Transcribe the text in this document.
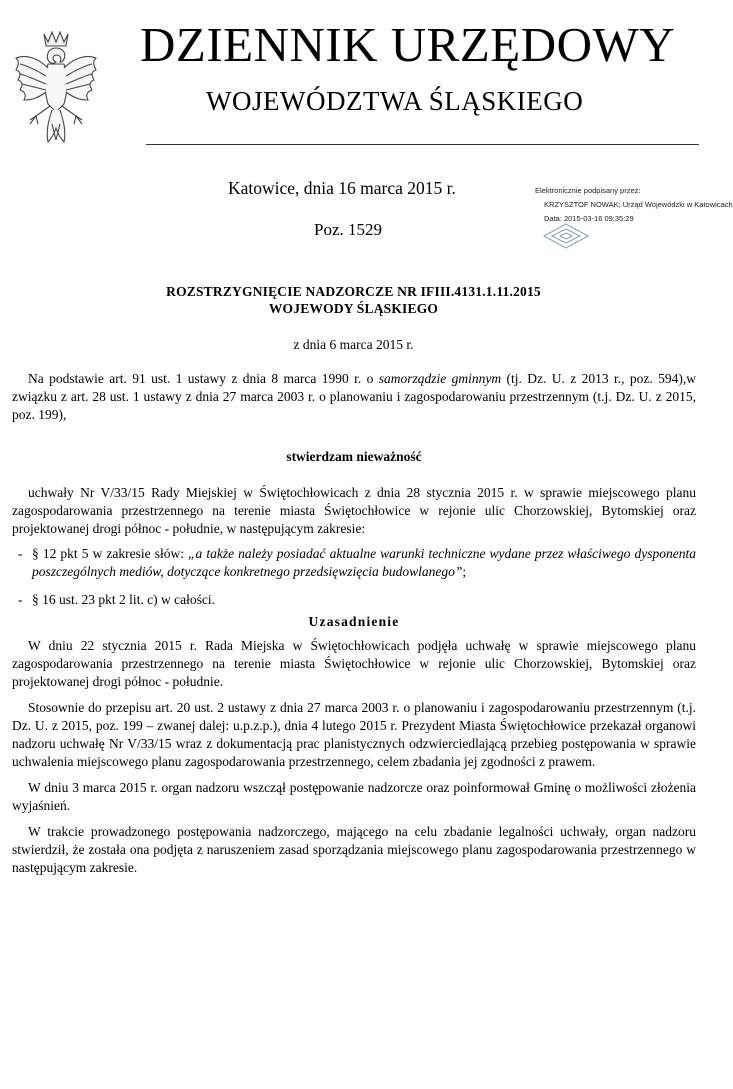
DZIENNIK URZĘDOWY
WOJEWÓDZTWA ŚLĄSKIEGO
Katowice, dnia 16 marca 2015 r.
Poz. 1529
Elektronicznie podpisany przez:
KRZYSZTOF NOWAK; Urząd Wojewódzki w Katowicach
Data: 2015-03-16 09:35:29
ROZSTRZYGNIĘCIE NADZORCZE NR IFIII.4131.1.11.2015
WOJEWODY ŚLĄSKIEGO
z dnia 6 marca 2015 r.

Na podstawie art. 91 ust. 1 ustawy z dnia 8 marca 1990 r. o samorządzie gminnym (tj. Dz. U. z 2013 r., poz. 594),w związku z art. 28 ust. 1 ustawy z dnia 27 marca 2003 r. o planowaniu i zagospodarowaniu przestrzennym (t.j. Dz. U. z 2015, poz. 199),

stwierdzam nieważność

uchwały Nr V/33/15 Rady Miejskiej w Świętochłowicach z dnia 28 stycznia 2015 r. w sprawie miejscowego planu zagospodarowania przestrzennego na terenie miasta Świętochłowice w rejonie ulic Chorzowskiej, Bytomskiej oraz projektowanej drogi północ - południe, w następującym zakresie:

- § 12 pkt 5 w zakresie słów: „a także należy posiadać aktualne warunki techniczne wydane przez właściwego dysponenta poszczególnych mediów, dotyczące konkretnego przedsięwzięcia budowlanego”;
- § 16 ust. 23 pkt 2 lit. c) w całości.

Uzasadnienie

W dniu 22 stycznia 2015 r. Rada Miejska w Świętochłowicach podjęła uchwałę w sprawie miejscowego planu zagospodarowania przestrzennego na terenie miasta Świętochłowice w rejonie ulic Chorzowskiej, Bytomskiej oraz projektowanej drogi północ - południe.

Stosownie do przepisu art. 20 ust. 2 ustawy z dnia 27 marca 2003 r. o planowaniu i zagospodarowaniu przestrzennym (t.j. Dz. U. z 2015, poz. 199 – zwanej dalej: u.p.z.p.), dnia 4 lutego 2015 r. Prezydent Miasta Świętochłowice przekazał organowi nadzoru uchwałę Nr V/33/15 wraz z dokumentacją prac planistycznych odzwierciedlającą przebieg postępowania w sprawie uchwalenia miejscowego planu zagospodarowania przestrzennego, celem zbadania jej zgodności z prawem.

W dniu 3 marca 2015 r. organ nadzoru wszczął postępowanie nadzorcze oraz poinformował Gminę o możliwości złożenia wyjaśnień.

W trakcie prowadzonego postępowania nadzorczego, mającego na celu zbadanie legalności uchwały, organ nadzoru stwierdził, że została ona podjęta z naruszeniem zasad sporządzania miejscowego planu zagospodarowania przestrzennego w następującym zakresie.
